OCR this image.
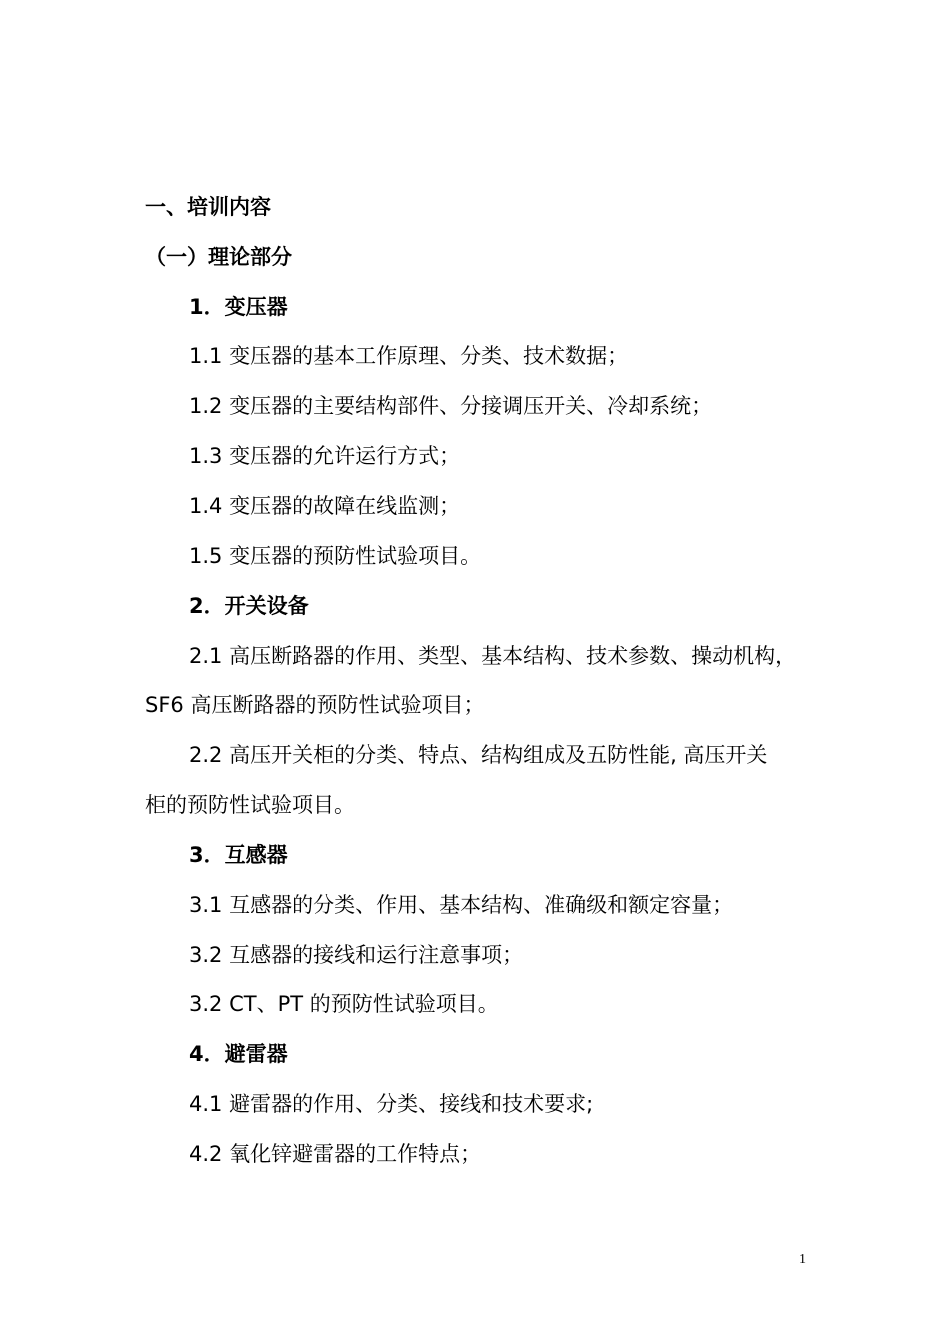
一、培训内容
（一）理论部分
1．变压器
1.1 变压器的基本工作原理、分类、技术数据；
1.2 变压器的主要结构部件、分接调压开关、冷却系统；
1.3 变压器的允许运行方式；
1.4 变压器的故障在线监测；
1.5 变压器的预防性试验项目。
2．开关设备
2.1 高压断路器的作用、类型、基本结构、技术参数、操动机构，
SF6 高压断路器的预防性试验项目；
2.2 高压开关柜的分类、特点、结构组成及五防性能, 高压开关
柜的预防性试验项目。
3．互感器
3.1 互感器的分类、作用、基本结构、准确级和额定容量；
3.2 互感器的接线和运行注意事项；
3.2 CT、PT 的预防性试验项目。
4．避雷器
4.1 避雷器的作用、分类、接线和技术要求;
4.2 氧化锌避雷器的工作特点；
1
